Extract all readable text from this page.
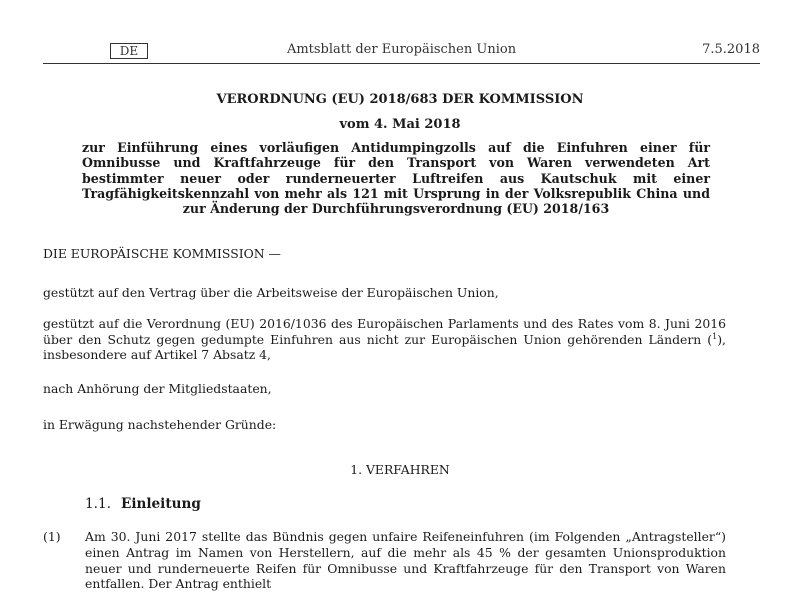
DE	Amtsblatt der Europäischen Union	7.5.2018
VERORDNUNG (EU) 2018/683 DER KOMMISSION
vom 4. Mai 2018
zur Einführung eines vorläufigen Antidumpingzolls auf die Einfuhren einer für Omnibusse und Kraftfahrzeuge für den Transport von Waren verwendeten Art bestimmter neuer oder runderneuerter Luftreifen aus Kautschuk mit einer Tragfähigkeitskennzahl von mehr als 121 mit Ursprung in der Volksrepublik China und zur Änderung der Durchführungsverordnung (EU) 2018/163
DIE EUROPÄISCHE KOMMISSION —
gestützt auf den Vertrag über die Arbeitsweise der Europäischen Union,
gestützt auf die Verordnung (EU) 2016/1036 des Europäischen Parlaments und des Rates vom 8. Juni 2016 über den Schutz gegen gedumpte Einfuhren aus nicht zur Europäischen Union gehörenden Ländern ($^1$), insbesondere auf Artikel 7 Absatz 4,
nach Anhörung der Mitgliedstaaten,
in Erwägung nachstehender Gründe:
1. VERFAHREN
1.1. Einleitung
(1) Am 30. Juni 2017 stellte das Bündnis gegen unfaire Reifeneinfuhren (im Folgenden „Antragsteller“) einen Antrag im Namen von Herstellern, auf die mehr als 45 % der gesamten Unionsproduktion neuer und runderneuerte Reifen für Omnibusse und Kraftfahrzeuge für den Transport von Waren entfallen. Der Antrag enthielt
